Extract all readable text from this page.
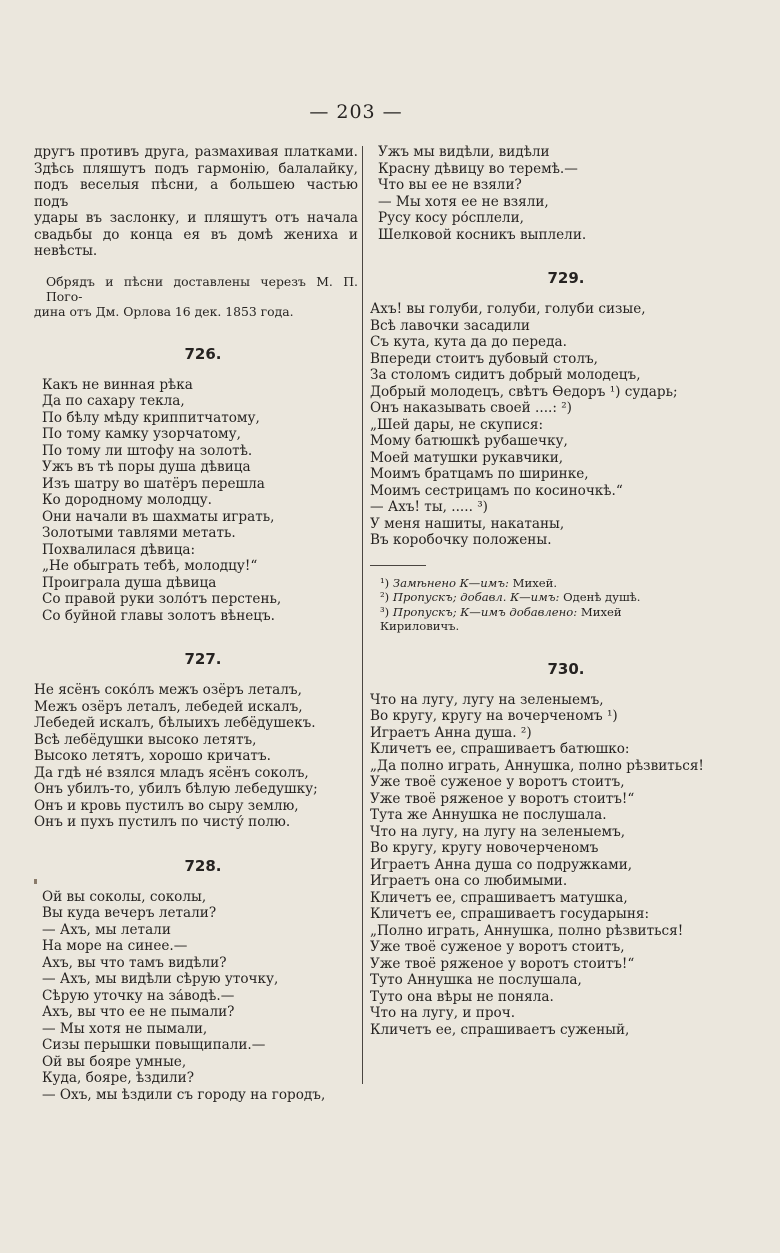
— 203 —
другъ противъ друга, размахивая платками.
Здѣсь пляшутъ подъ гармонію, балалайку,
подъ веселыя пѣсни, а большею частью подъ
удары въ заслонку, и пляшутъ отъ начала
свадьбы до конца ея въ домѣ жениха и
невѣсты.
Обрядъ и пѣсни доставлены черезъ М. П. Пого-
дина отъ Дм. Орлова 16 дек. 1853 года.
726.
Какъ не винная рѣка
Да по сахару текла,
По бѣлу мѣду криппитчатому,
По тому камку узорчатому,
По тому ли штофу на золотѣ.
Ужъ въ тѣ поры душа дѣвица
Изъ шатру во шатёръ перешла
Ко дородному молодцу.
Они начали въ шахматы играть,
Золотыми тавлями метать.
Похвалилася дѣвица:
„Не обыграть тебѣ, молодцу!“
Проиграла душа дѣвица
Со правой руки золо́тъ перстень,
Со буйной главы золотъ вѣнецъ.
727.
Не ясёнъ соко́лъ межъ озёръ леталъ,
Межъ озёръ леталъ, лебедей искалъ,
Лебедей искалъ, бѣлыихъ лебёдушекъ.
Всѣ лебёдушки высоко летятъ,
Высоко летятъ, хорошо кричатъ.
Да гдѣ не́ взялся младъ ясёнъ соколъ,
Онъ убилъ-то, убилъ бѣлую лебедушку;
Онъ и кровь пустилъ во сыру землю,
Онъ и пухъ пустилъ по чисту́ полю.
728.
Ой вы соколы, соколы,
Вы куда вечеръ летали?
— Ахъ, мы летали
На море на синее.—
Ахъ, вы что тамъ видѣли?
— Ахъ, мы видѣли сѣрую уточку,
Сѣрую уточку на за́водѣ.—
Ахъ, вы что ее не пымали?
— Мы хотя не пымали,
Сизы перышки повыщипали.—
Ой вы бояре умные,
Куда, бояре, ѣздили?
— Охъ, мы ѣздили съ городу на городъ,
Ужъ мы видѣли, видѣли
Красну дѣвицу во теремѣ.—
Что вы ее не взяли?
— Мы хотя ее не взяли,
Русу косу ро́сплели,
Шелковой косникъ выплели.
729.
Ахъ! вы голуби, голуби, голуби сизые,
Всѣ лавочки засадили
Съ кута, кута да до переда.
Впереди стоитъ дубовый столъ,
За столомъ сидитъ добрый молодецъ,
Добрый молодецъ, свѣтъ Өедоръ ¹) сударь;
Онъ наказывать своей ....: ²)
„Шей дары, не скупися:
Мому батюшкѣ рубашечку,
Моей матушки рукавчики,
Моимъ братцамъ по ширинке,
Моимъ сестрицамъ по косиночкѣ.“
— Ахъ! ты, ..... ³)
У меня нашиты, накатаны,
Въ коробочку положены.
¹) Замѣнено К—имъ: Михей.
²) Пропускъ; добавл. К—имъ: Оденѣ душѣ.
³) Пропускъ; К—имъ добавлено: Михей Кириловичъ.
730.
Что на лугу, лугу на зеленыемъ,
Во кругу, кругу на вочерченомъ ¹)
Играетъ Анна душа. ²)
Кличетъ ее, спрашиваетъ батюшко:
„Да полно играть, Аннушка, полно рѣзвиться!
Уже твоё суженое у воротъ стоитъ,
Уже твоё ряженое у воротъ стоитъ!“
Тута же Аннушка не послушала.
Что на лугу, на лугу на зеленыемъ,
Во кругу, кругу новочерченомъ
Играетъ Анна душа со подружками,
Играетъ она со любимыми.
Кличетъ ее, спрашиваетъ матушка,
Кличетъ ее, спрашиваетъ государыня:
„Полно играть, Аннушка, полно рѣзвиться!
Уже твоё суженое у воротъ стоитъ,
Уже твоё ряженое у воротъ стоитъ!“
Туто Аннушка не послушала,
Туто она вѣры не поняла.
Что на лугу, и проч.
Кличетъ ее, спрашиваетъ суженый,
